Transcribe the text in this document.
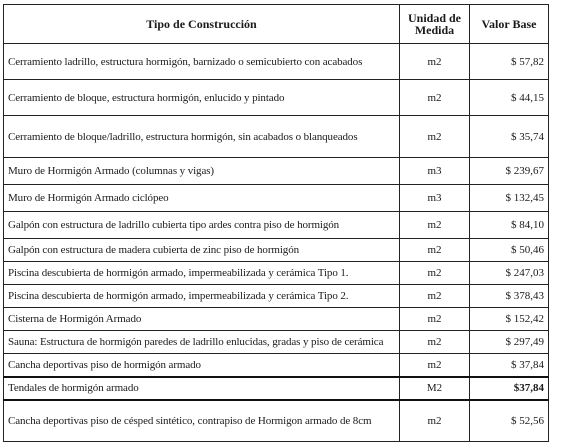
Tipo de Construcción	Unidad de Medida	Valor Base
Cerramiento ladrillo, estructura hormigón, barnizado o semicubierto con acabados	m2	$ 57,82
Cerramiento de bloque, estructura hormigón, enlucido y pintado	m2	$ 44,15
Cerramiento de bloque/ladrillo, estructura hormigón, sin acabados o blanqueados	m2	$ 35,74
Muro de Hormigón Armado (columnas y vigas)	m3	$ 239,67
Muro de Hormigón Armado ciclópeo	m3	$ 132,45
Galpón con estructura de ladrillo cubierta tipo ardes contra piso de hormigón	m2	$ 84,10
Galpón con estructura de madera cubierta de zinc piso de hormigón	m2	$ 50,46
Piscina descubierta de hormigón armado, impermeabilizada y cerámica Tipo 1.	m2	$ 247,03
Piscina descubierta de hormigón armado, impermeabilizada y cerámica Tipo 2.	m2	$ 378,43
Cisterna de Hormigón Armado	m2	$ 152,42
Sauna: Estructura de hormigón paredes de ladrillo enlucidas, gradas y piso de cerámica	m2	$ 297,49
Cancha deportivas piso de hormigón armado	m2	$ 37,84
Tendales de hormigón armado	M2	$37,84
Cancha deportivas piso de césped sintético, contrapiso de Hormigon armado de 8cm	m2	$ 52,56
